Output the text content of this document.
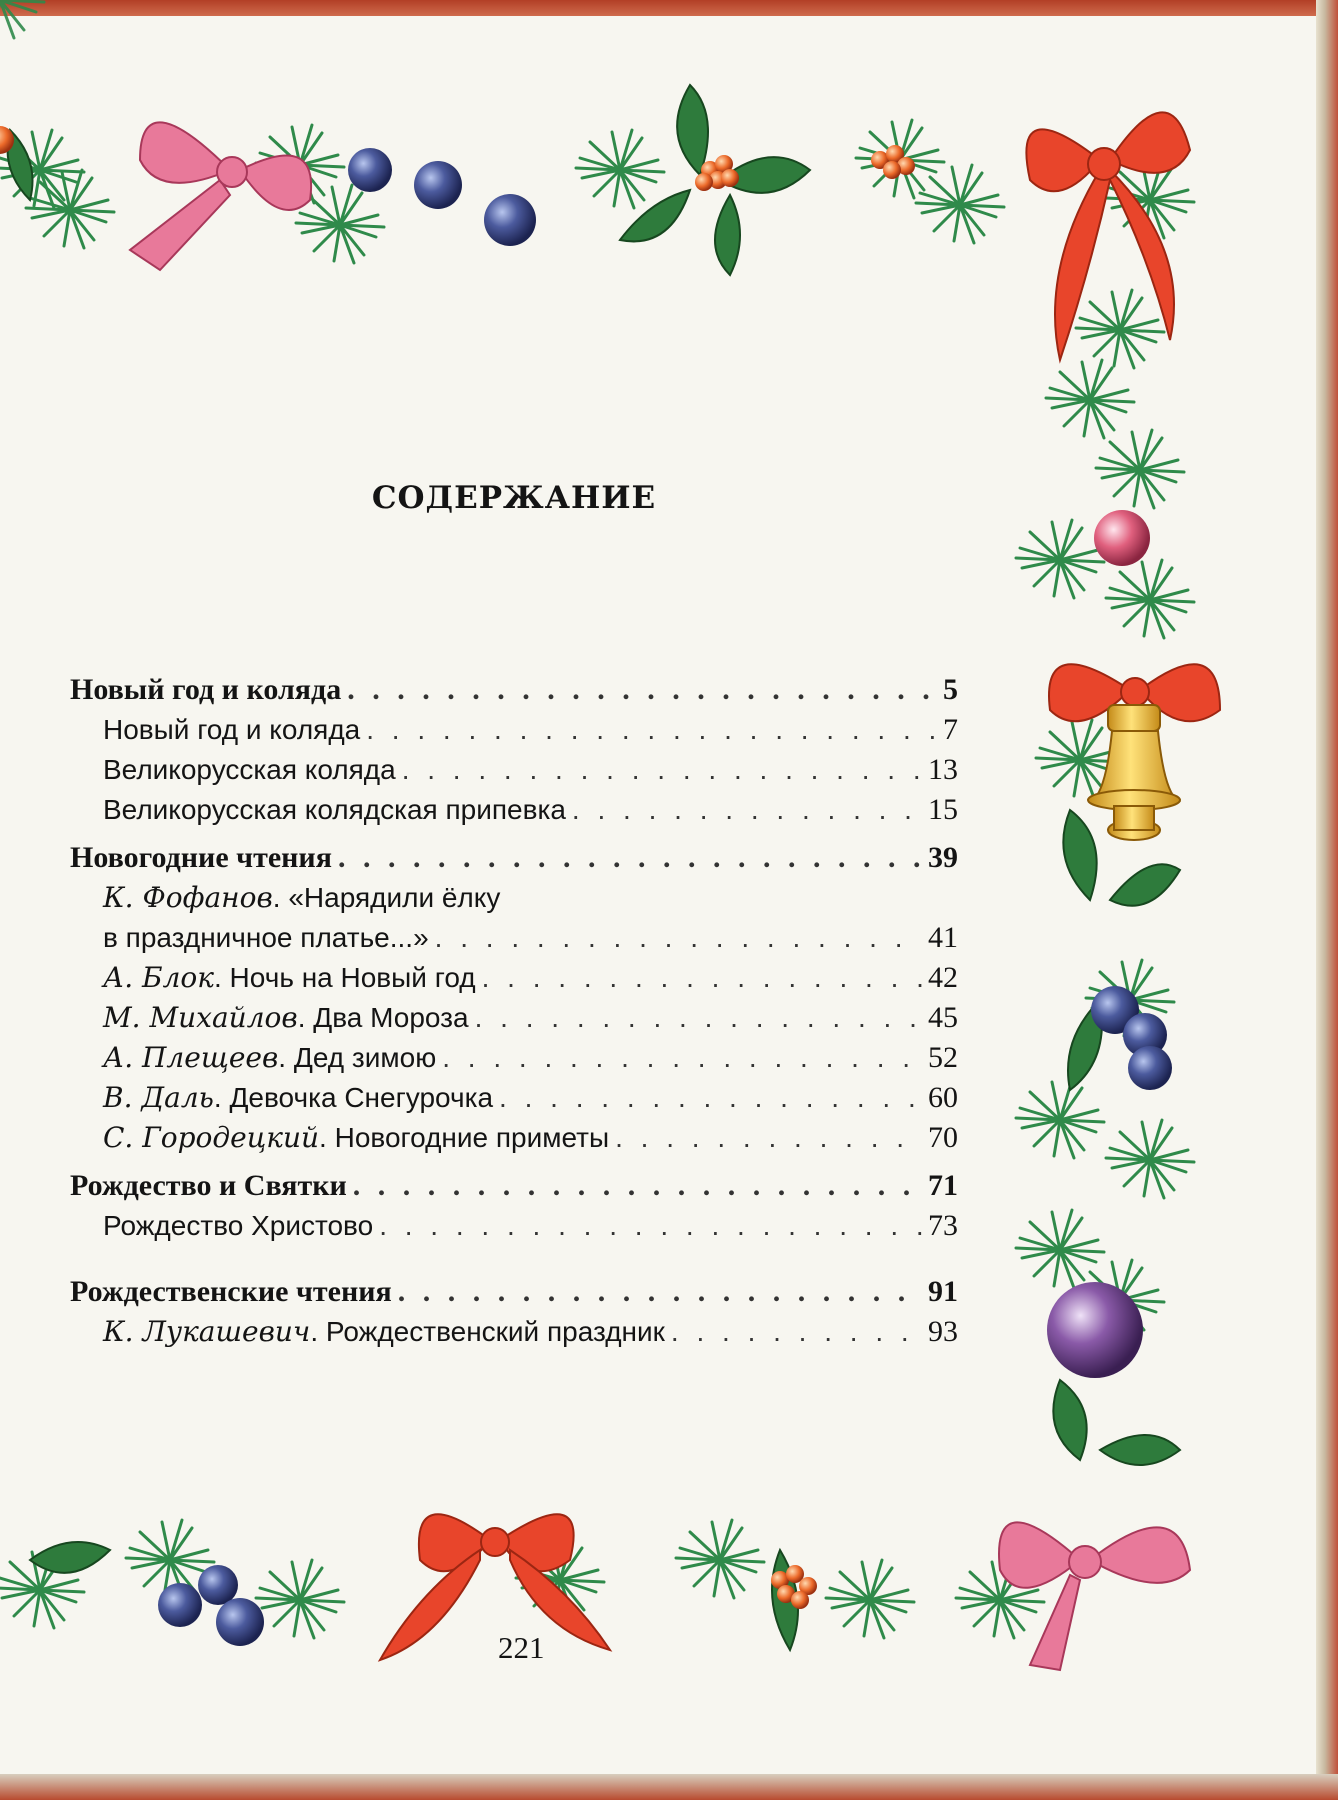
СОДЕРЖАНИЕ
Новый год и коляда . . .	5
Новый год и коляда . . .	7
Великорусская коляда . . .	13
Великорусская колядская припевка . . .	15
Новогодние чтения . . .	39
К. Фофанов. «Нарядили ёлку
в праздничное платье...» . . .	41
А. Блок. Ночь на Новый год . . .	42
М. Михайлов. Два Мороза . . .	45
А. Плещеев. Дед зимою . . .	52
В. Даль. Девочка Снегурочка . . .	60
С. Городецкий. Новогодние приметы . . .	70
Рождество и Святки . . .	71
Рождество Христово . . .	73
Рождественские чтения . . .	91
К. Лукашевич. Рождественский праздник . . .	93
221
